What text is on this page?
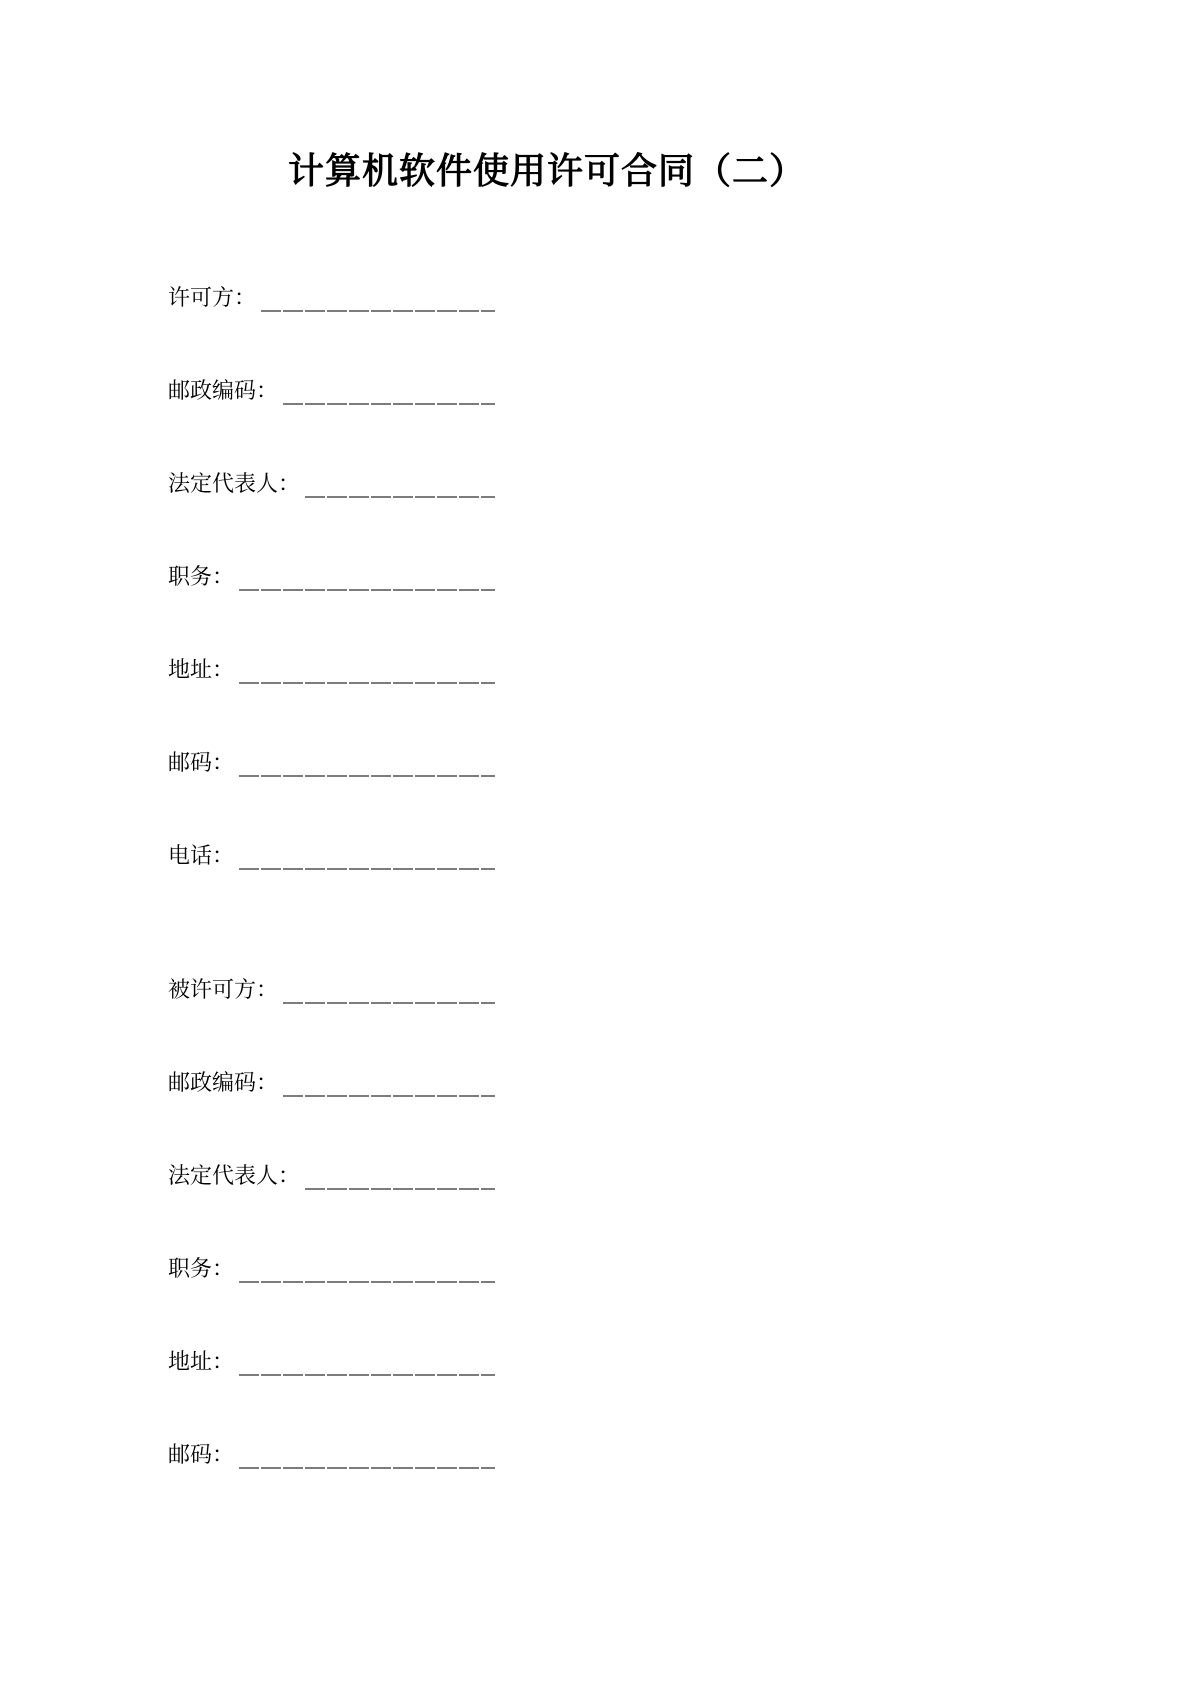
计算机软件使用许可合同（二）
许可方：
邮政编码：
法定代表人：
职务：
地址：
邮码：
电话：
被许可方：
邮政编码：
法定代表人：
职务：
地址：
邮码：
